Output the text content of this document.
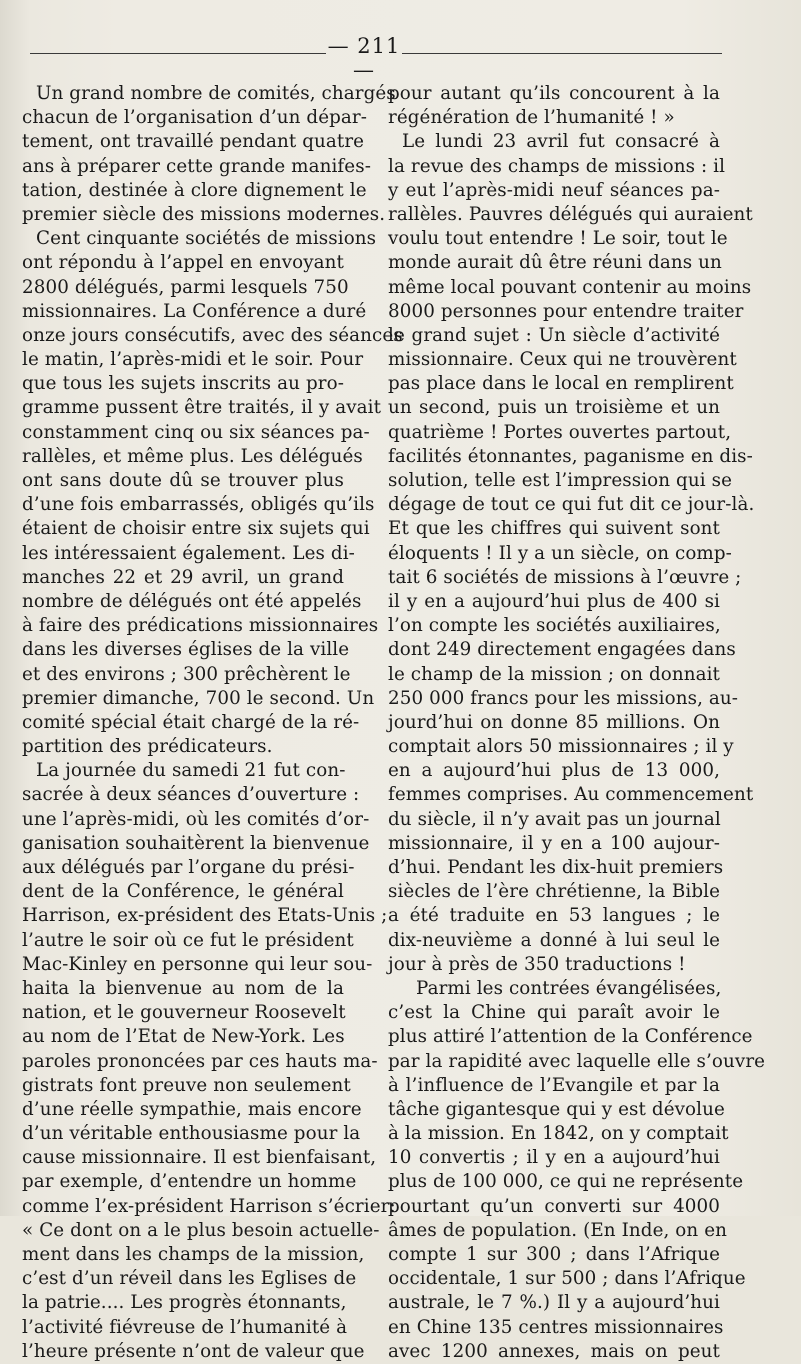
— 211 —
Un grand nombre de comités, chargés
chacun de l’organisation d’un dépar-
tement, ont travaillé pendant quatre
ans à préparer cette grande manifes-
tation, destinée à clore dignement le
premier siècle des missions modernes.
Cent cinquante sociétés de missions
ont répondu à l’appel en envoyant
2800 délégués, parmi lesquels 750
missionnaires. La Conférence a duré
onze jours consécutifs, avec des séances
le matin, l’après-midi et le soir. Pour
que tous les sujets inscrits au pro-
gramme pussent être traités, il y avait
constamment cinq ou six séances pa-
rallèles, et même plus. Les délégués
ont sans doute dû se trouver plus
d’une fois embarrassés, obligés qu’ils
étaient de choisir entre six sujets qui
les intéressaient également. Les di-
manches 22 et 29 avril, un grand
nombre de délégués ont été appelés
à faire des prédications missionnaires
dans les diverses églises de la ville
et des environs ; 300 prêchèrent le
premier dimanche, 700 le second. Un
comité spécial était chargé de la ré-
partition des prédicateurs.
La journée du samedi 21 fut con-
sacrée à deux séances d’ouverture :
une l’après-midi, où les comités d’or-
ganisation souhaitèrent la bienvenue
aux délégués par l’organe du prési-
dent de la Conférence, le général
Harrison, ex-président des Etats-Unis ;
l’autre le soir où ce fut le président
Mac-Kinley en personne qui leur sou-
haita la bienvenue au nom de la
nation, et le gouverneur Roosevelt
au nom de l’Etat de New-York. Les
paroles prononcées par ces hauts ma-
gistrats font preuve non seulement
d’une réelle sympathie, mais encore
d’un véritable enthousiasme pour la
cause missionnaire. Il est bienfaisant,
par exemple, d’entendre un homme
comme l’ex-président Harrison s’écrier:
« Ce dont on a le plus besoin actuelle-
ment dans les champs de la mission,
c’est d’un réveil dans les Eglises de
la patrie.... Les progrès étonnants,
l’activité fiévreuse de l’humanité à
l’heure présente n’ont de valeur que
pour autant qu’ils concourent à la
régénération de l’humanité ! »
Le lundi 23 avril fut consacré à
la revue des champs de missions : il
y eut l’après-midi neuf séances pa-
rallèles. Pauvres délégués qui auraient
voulu tout entendre ! Le soir, tout le
monde aurait dû être réuni dans un
même local pouvant contenir au moins
8000 personnes pour entendre traiter
le grand sujet : Un siècle d’activité
missionnaire. Ceux qui ne trouvèrent
pas place dans le local en remplirent
un second, puis un troisième et un
quatrième ! Portes ouvertes partout,
facilités étonnantes, paganisme en dis-
solution, telle est l’impression qui se
dégage de tout ce qui fut dit ce jour-là.
Et que les chiffres qui suivent sont
éloquents ! Il y a un siècle, on comp-
tait 6 sociétés de missions à l’œuvre ;
il y en a aujourd’hui plus de 400 si
l’on compte les sociétés auxiliaires,
dont 249 directement engagées dans
le champ de la mission ; on donnait
250 000 francs pour les missions, au-
jourd’hui on donne 85 millions. On
comptait alors 50 missionnaires ; il y
en a aujourd’hui plus de 13 000,
femmes comprises. Au commencement
du siècle, il n’y avait pas un journal
missionnaire, il y en a 100 aujour-
d’hui. Pendant les dix-huit premiers
siècles de l’ère chrétienne, la Bible
a été traduite en 53 langues ; le
dix-neuvième a donné à lui seul le
jour à près de 350 traductions !
Parmi les contrées évangélisées,
c’est la Chine qui paraît avoir le
plus attiré l’attention de la Conférence
par la rapidité avec laquelle elle s’ouvre
à l’influence de l’Evangile et par la
tâche gigantesque qui y est dévolue
à la mission. En 1842, on y comptait
10 convertis ; il y en a aujourd’hui
plus de 100 000, ce qui ne représente
pourtant qu’un converti sur 4000
âmes de population. (En Inde, on en
compte 1 sur 300 ; dans l’Afrique
occidentale, 1 sur 500 ; dans l’Afrique
australe, le 7 %.) Il y a aujourd’hui
en Chine 135 centres missionnaires
avec 1200 annexes, mais on peut
